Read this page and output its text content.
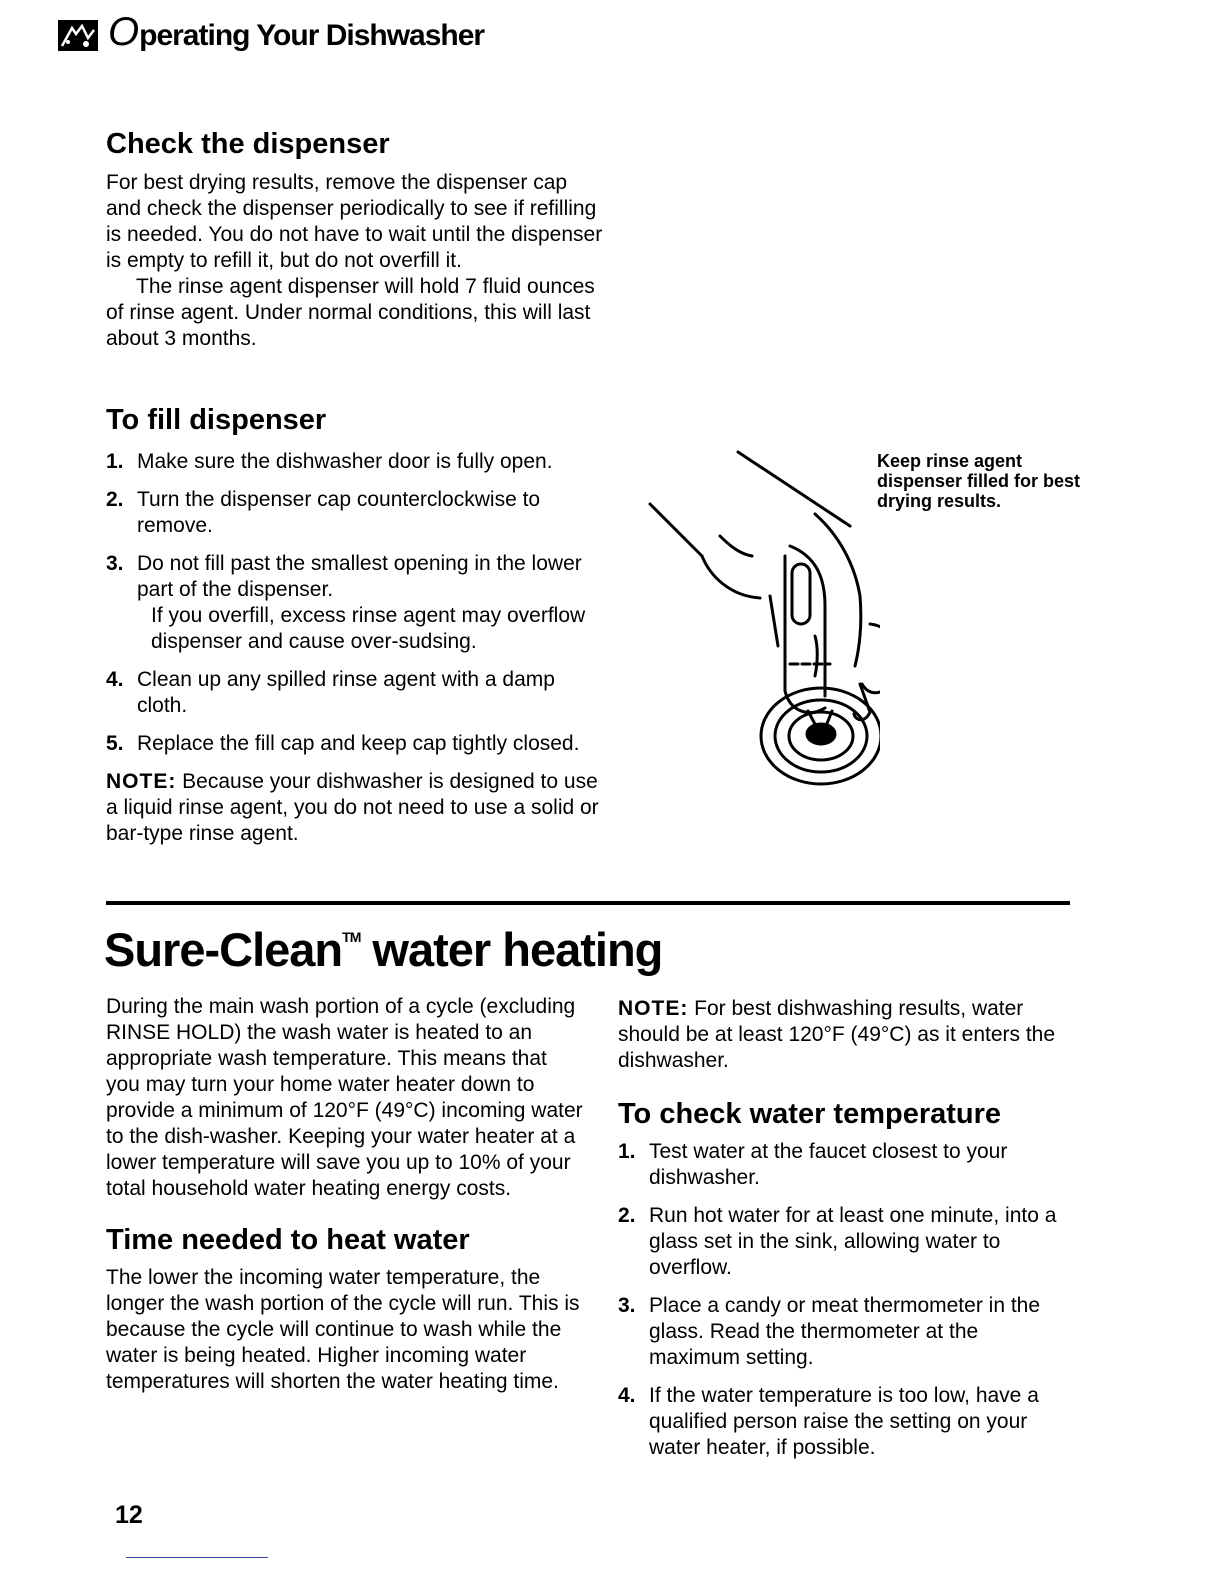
Operating Your Dishwasher
Check the dispenser

For best drying results, remove the dispenser cap and check the dispenser periodically to see if refilling is needed. You do not have to wait until the dispenser is empty to refill it, but do not overfill it.

The rinse agent dispenser will hold 7 fluid ounces of rinse agent. Under normal conditions, this will last about 3 months.

To fill dispenser
1. Make sure the dishwasher door is fully open.
2. Turn the dispenser cap counterclockwise to remove.
3. Do not fill past the smallest opening in the lower part of the dispenser.
If you overfill, excess rinse agent may overflow dispenser and cause over-sudsing.
4. Clean up any spilled rinse agent with a damp cloth.
5. Replace the fill cap and keep cap tightly closed.

NOTE: Because your dishwasher is designed to use a liquid rinse agent, you do not need to use a solid or bar-type rinse agent.

Keep rinse agent dispenser filled for best drying results.

Sure-Clean™ water heating

During the main wash portion of a cycle (excluding RINSE HOLD) the wash water is heated to an appropriate wash temperature. This means that you may turn your home water heater down to provide a minimum of 120°F (49°C) incoming water to the dish-washer. Keeping your water heater at a lower temperature will save you up to 10% of your total household water heating energy costs.

Time needed to heat water

The lower the incoming water temperature, the longer the wash portion of the cycle will run. This is because the cycle will continue to wash while the water is being heated. Higher incoming water temperatures will shorten the water heating time.

NOTE: For best dishwashing results, water should be at least 120°F (49°C) as it enters the dishwasher.

To check water temperature
1. Test water at the faucet closest to your dishwasher.
2. Run hot water for at least one minute, into a glass set in the sink, allowing water to overflow.
3. Place a candy or meat thermometer in the glass. Read the thermometer at the maximum setting.
4. If the water temperature is too low, have a qualified person raise the setting on your water heater, if possible.

12
